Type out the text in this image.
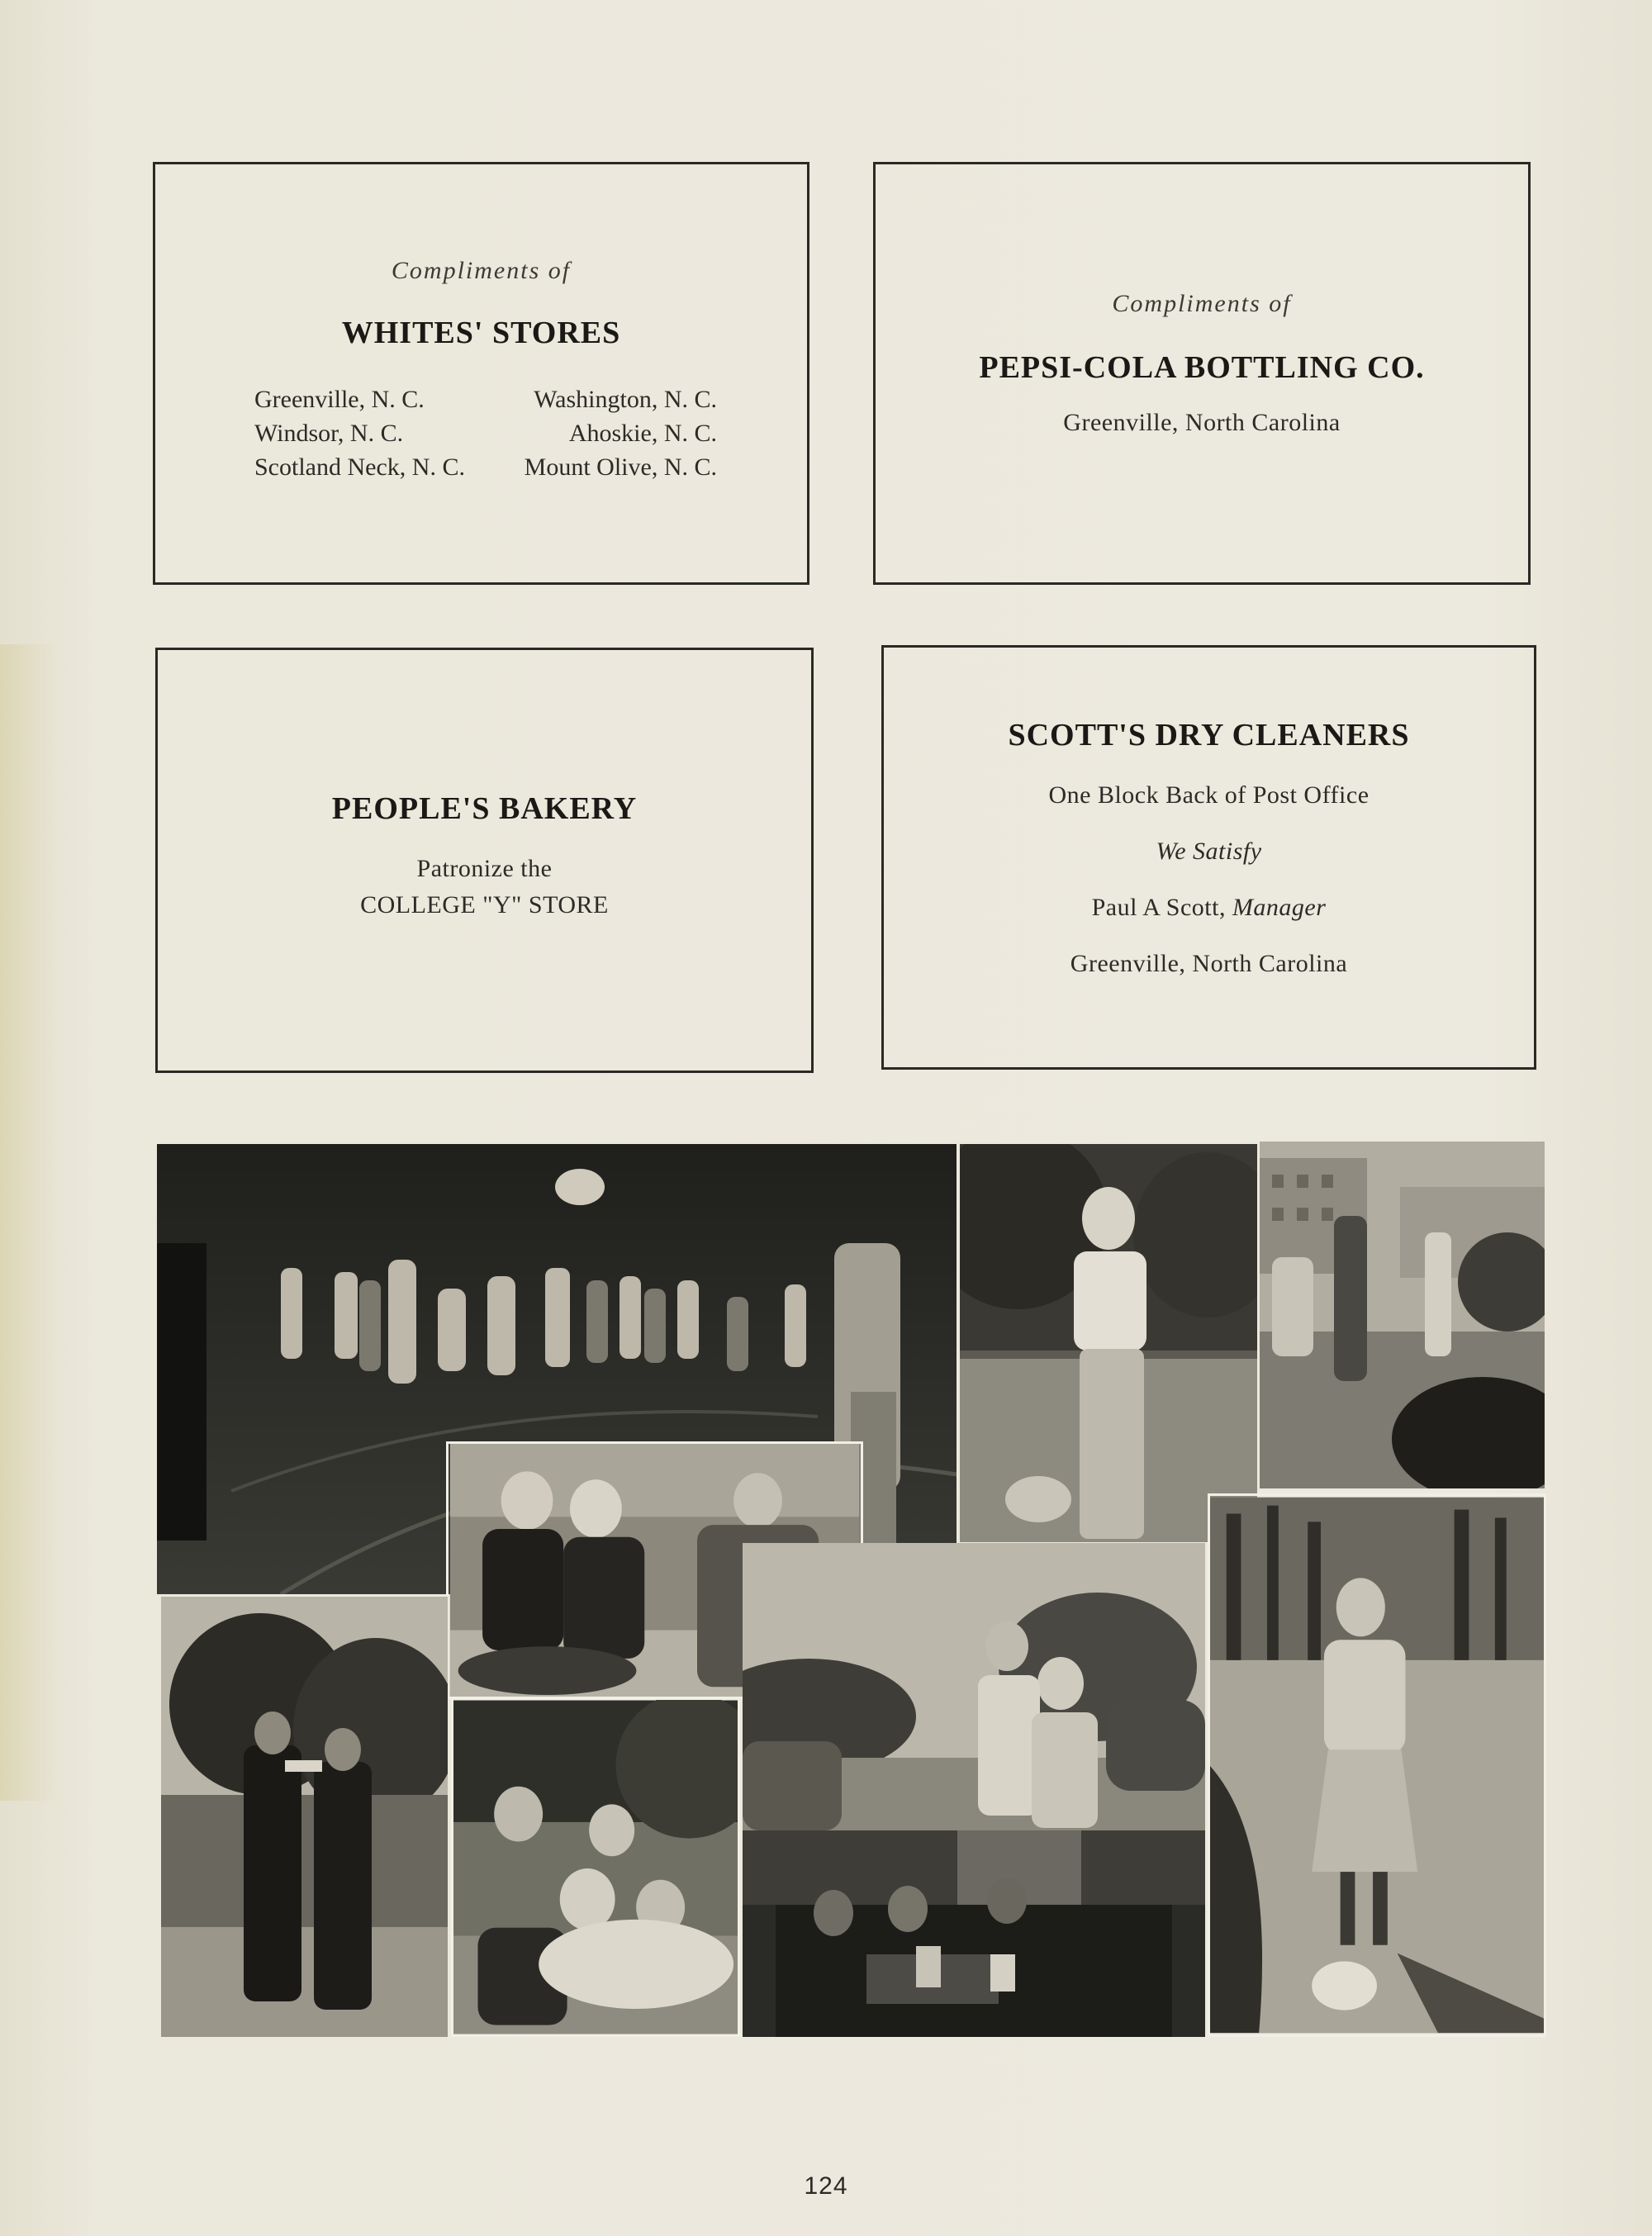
Compliments of
WHITES' STORES
Greenville, N. C.	Washington, N. C.
Windsor, N. C.	Ahoskie, N. C.
Scotland Neck, N. C. Mount Olive, N. C.
Compliments of
PEPSI-COLA BOTTLING CO.
Greenville, North Carolina
PEOPLE'S BAKERY
Patronize the
COLLEGE "Y" STORE
SCOTT'S DRY CLEANERS
One Block Back of Post Office
We Satisfy
Paul A Scott, Manager
Greenville, North Carolina
124
